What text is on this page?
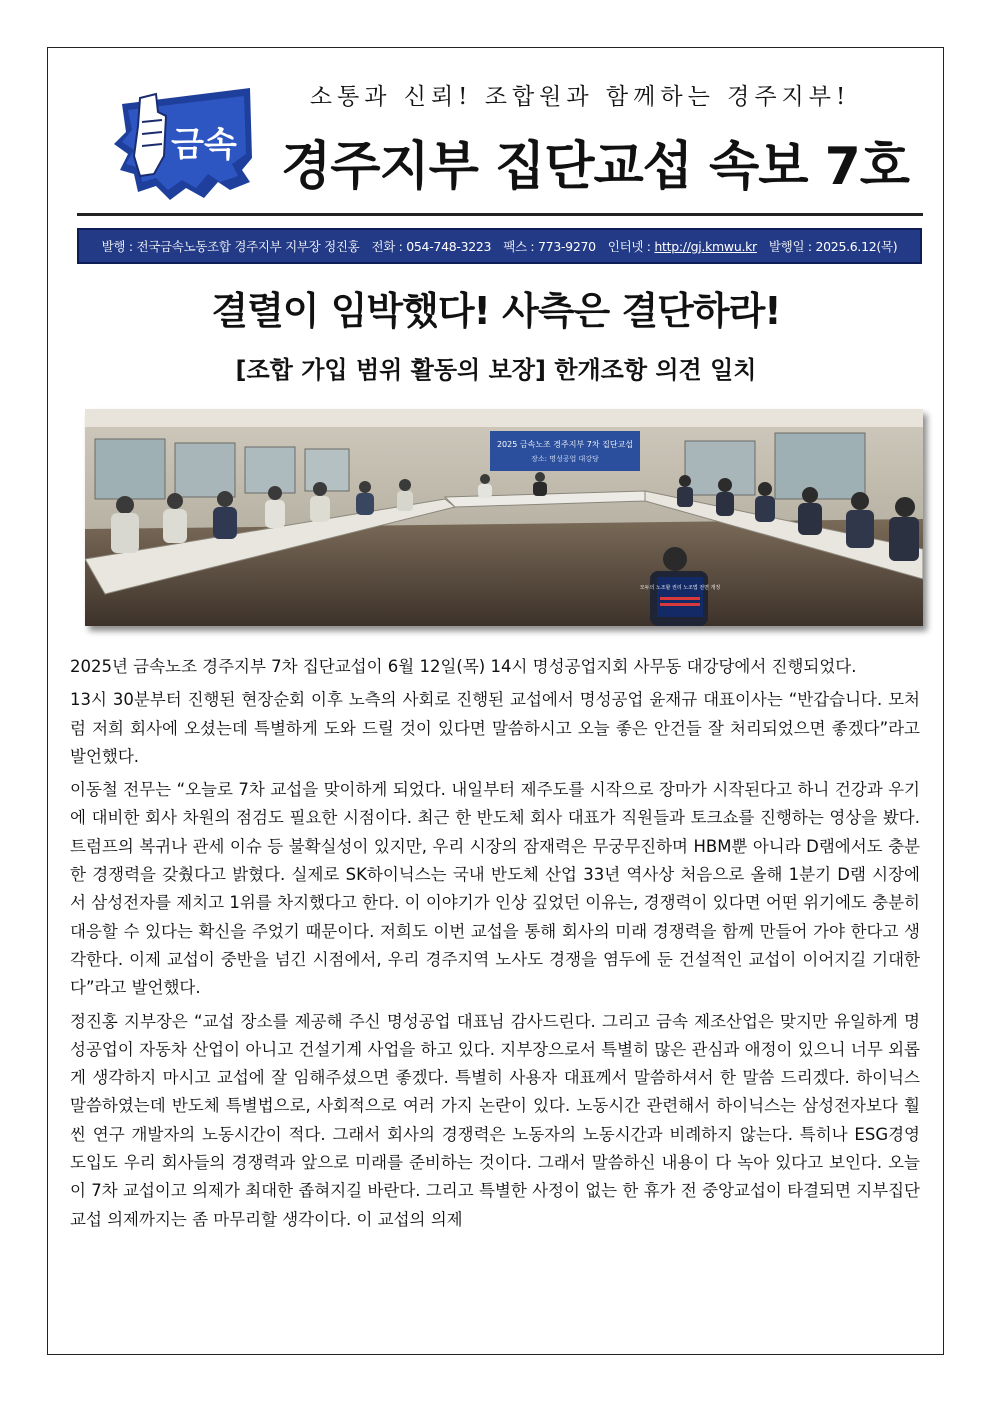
금속
소통과 신뢰! 조합원과 함께하는 경주지부!
경주지부 집단교섭 속보 7호
발행 : 전국금속노동조합 경주지부 지부장 정진홍 전화 : 054-748-3223 팩스 : 773-9270 인터넷 :
http://gj.kmwu.kr 발행일 : 2025.6.12(목)
결렬이 임박했다! 사측은 결단하라!
[조합 가입 범위 활동의 보장] 한개조항 의견 일치
2025 금속노조 경주지부 7차 집단교섭
장소: 명성공업 대강당
모두의 노조할 권리 노조법 전면 개정

2025년 금속노조 경주지부 7차 집단교섭이 6월 12일(목) 14시 명성공업지회 사무동 대강당에서 진행되었다.

13시 30분부터 진행된 현장순회 이후 노측의 사회로 진행된 교섭에서 명성공업 윤재규 대표이사는 “반갑습니다. 모처럼 저희 회사에 오셨는데 특별하게 도와 드릴 것이 있다면 말씀하시고 오늘 좋은 안건들 잘 처리되었으면 좋겠다”라고 발언했다.

이동철 전무는 “오늘로 7차 교섭을 맞이하게 되었다. 내일부터 제주도를 시작으로 장마가 시작된다고 하니 건강과 우기에 대비한 회사 차원의 점검도 필요한 시점이다. 최근 한 반도체 회사 대표가 직원들과 토크쇼를 진행하는 영상을 봤다. 트럼프의 복귀나 관세 이슈 등 불확실성이 있지만, 우리 시장의 잠재력은 무궁무진하며 HBM뿐 아니라 D램에서도 충분한 경쟁력을 갖췄다고 밝혔다. 실제로 SK하이닉스는 국내 반도체 산업 33년 역사상 처음으로 올해 1분기 D램 시장에서 삼성전자를 제치고 1위를 차지했다고 한다. 이 이야기가 인상 깊었던 이유는, 경쟁력이 있다면 어떤 위기에도 충분히 대응할 수 있다는 확신을 주었기 때문이다. 저희도 이번 교섭을 통해 회사의 미래 경쟁력을 함께 만들어 가야 한다고 생각한다. 이제 교섭이 중반을 넘긴 시점에서, 우리 경주지역 노사도 경쟁을 염두에 둔 건설적인 교섭이 이어지길 기대한다”라고 발언했다.

정진홍 지부장은 “교섭 장소를 제공해 주신 명성공업 대표님 감사드린다. 그리고 금속 제조산업은 맞지만 유일하게 명성공업이 자동차 산업이 아니고 건설기계 사업을 하고 있다. 지부장으로서 특별히 많은 관심과 애정이 있으니 너무 외롭게 생각하지 마시고 교섭에 잘 임해주셨으면 좋겠다. 특별히 사용자 대표께서 말씀하셔서 한 말씀 드리겠다. 하이닉스 말씀하였는데 반도체 특별법으로, 사회적으로 여러 가지 논란이 있다. 노동시간 관련해서 하이닉스는 삼성전자보다 훨씬 연구 개발자의 노동시간이 적다. 그래서 회사의 경쟁력은 노동자의 노동시간과 비례하지 않는다. 특히나 ESG경영 도입도 우리 회사들의 경쟁력과 앞으로 미래를 준비하는 것이다. 그래서 말씀하신 내용이 다 녹아 있다고 보인다. 오늘이 7차 교섭이고 의제가 최대한 좁혀지길 바란다. 그리고 특별한 사정이 없는 한 휴가 전 중앙교섭이 타결되면 지부집단교섭 의제까지는 좀 마무리할 생각이다. 이 교섭의 의제
